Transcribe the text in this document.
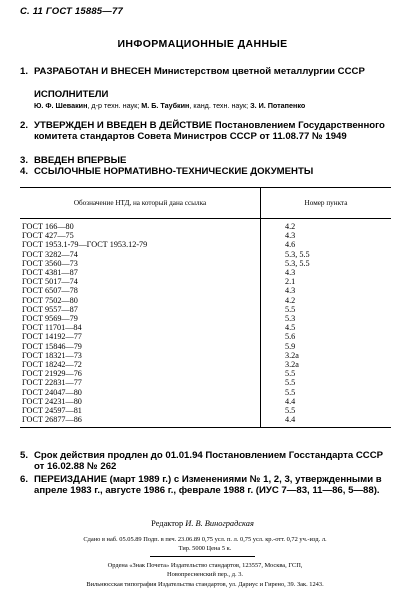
С. 11 ГОСТ 15885—77
ИНФОРМАЦИОННЫЕ ДАННЫЕ
1. РАЗРАБОТАН И ВНЕСЕН Министерством цветной металлургии СССР
ИСПОЛНИТЕЛИ
Ю. Ф. Шевакин, д-р техн. наук; М. Б. Таубкин, канд. техн. наук; З. И. Потапенко
2. УТВЕРЖДЕН И ВВЕДЕН В ДЕЙСТВИЕ Постановлением Государственного комитета стандартов Совета Министров СССР от 11.08.77 № 1949
3. ВВЕДЕН ВПЕРВЫЕ
4. ССЫЛОЧНЫЕ НОРМАТИВНО-ТЕХНИЧЕСКИЕ ДОКУМЕНТЫ
Обозначение НТД, на который дана ссылка	Номер пункта
ГОСТ 166—80	4.2
ГОСТ 427—75	4.3
ГОСТ 1953.1-79—ГОСТ 1953.12-79	4.6
ГОСТ 3282—74	5.3, 5.5
ГОСТ 3560—73	5.3, 5.5
ГОСТ 4381—87	4.3
ГОСТ 5017—74	2.1
ГОСТ 6507—78	4.3
ГОСТ 7502—80	4.2
ГОСТ 9557—87	5.5
ГОСТ 9569—79	5.3
ГОСТ 11701—84	4.5
ГОСТ 14192—77	5.6
ГОСТ 15846—79	5.9
ГОСТ 18321—73	3.2a
ГОСТ 18242—72	3.2a
ГОСТ 21929—76	5.5
ГОСТ 22831—77	5.5
ГОСТ 24047—80	5.5
ГОСТ 24231—80	4.4
ГОСТ 24597—81	5.5
ГОСТ 26877—86	4.4
5. Срок действия продлен до 01.01.94 Постановлением Госстандарта СССР от 16.02.88 № 262
6. ПЕРЕИЗДАНИЕ (март 1989 г.) с Изменениями № 1, 2, 3, утвержденными в апреле 1983 г., августе 1986 г., феврале 1988 г. (ИУС 7—83, 11—86, 5—88).
Редактор И. В. Виноградская
Сдано в наб. 05.05.89 Подп. в печ. 23.06.89 0,75 усл. п. л. 0,75 усл. кр.-отт. 0,72 уч.-изд. л.
Тир. 5000 Цена 5 к.
Ордена «Знак Почета» Издательство стандартов, 123557, Москва, ГСП,
Новопресненский пер., д. 3.
Вильнюсская типография Издательства стандартов, ул. Дариус и Гирено, 39. Зак. 1243.
